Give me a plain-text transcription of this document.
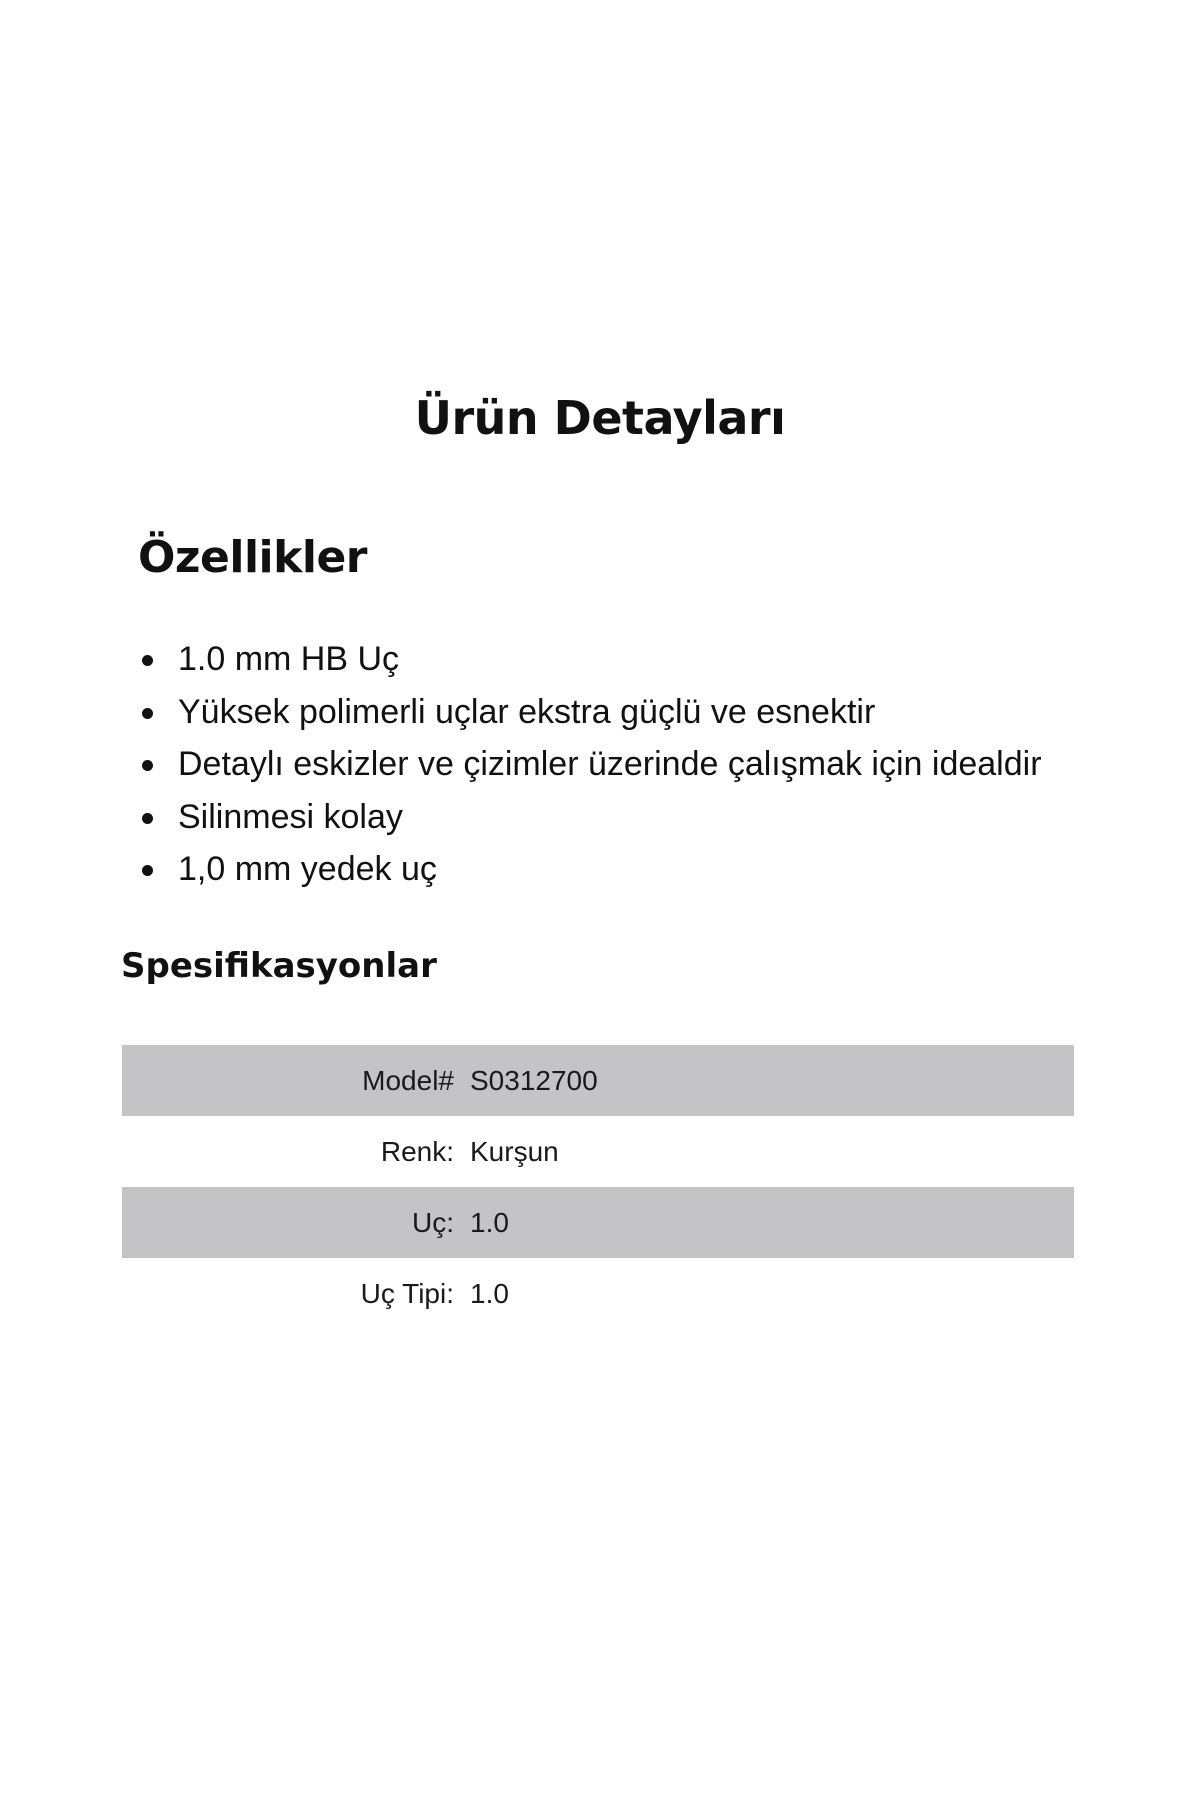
Ürün Detayları
Özellikler
1.0 mm HB Uç
Yüksek polimerli uçlar ekstra güçlü ve esnektir
Detaylı eskizler ve çizimler üzerinde çalışmak için idealdir
Silinmesi kolay
1,0 mm yedek uç
Spesifikasyonlar
Model#	S0312700
Renk:	Kurşun
Uç:	1.0
Uç Tipi:	1.0
